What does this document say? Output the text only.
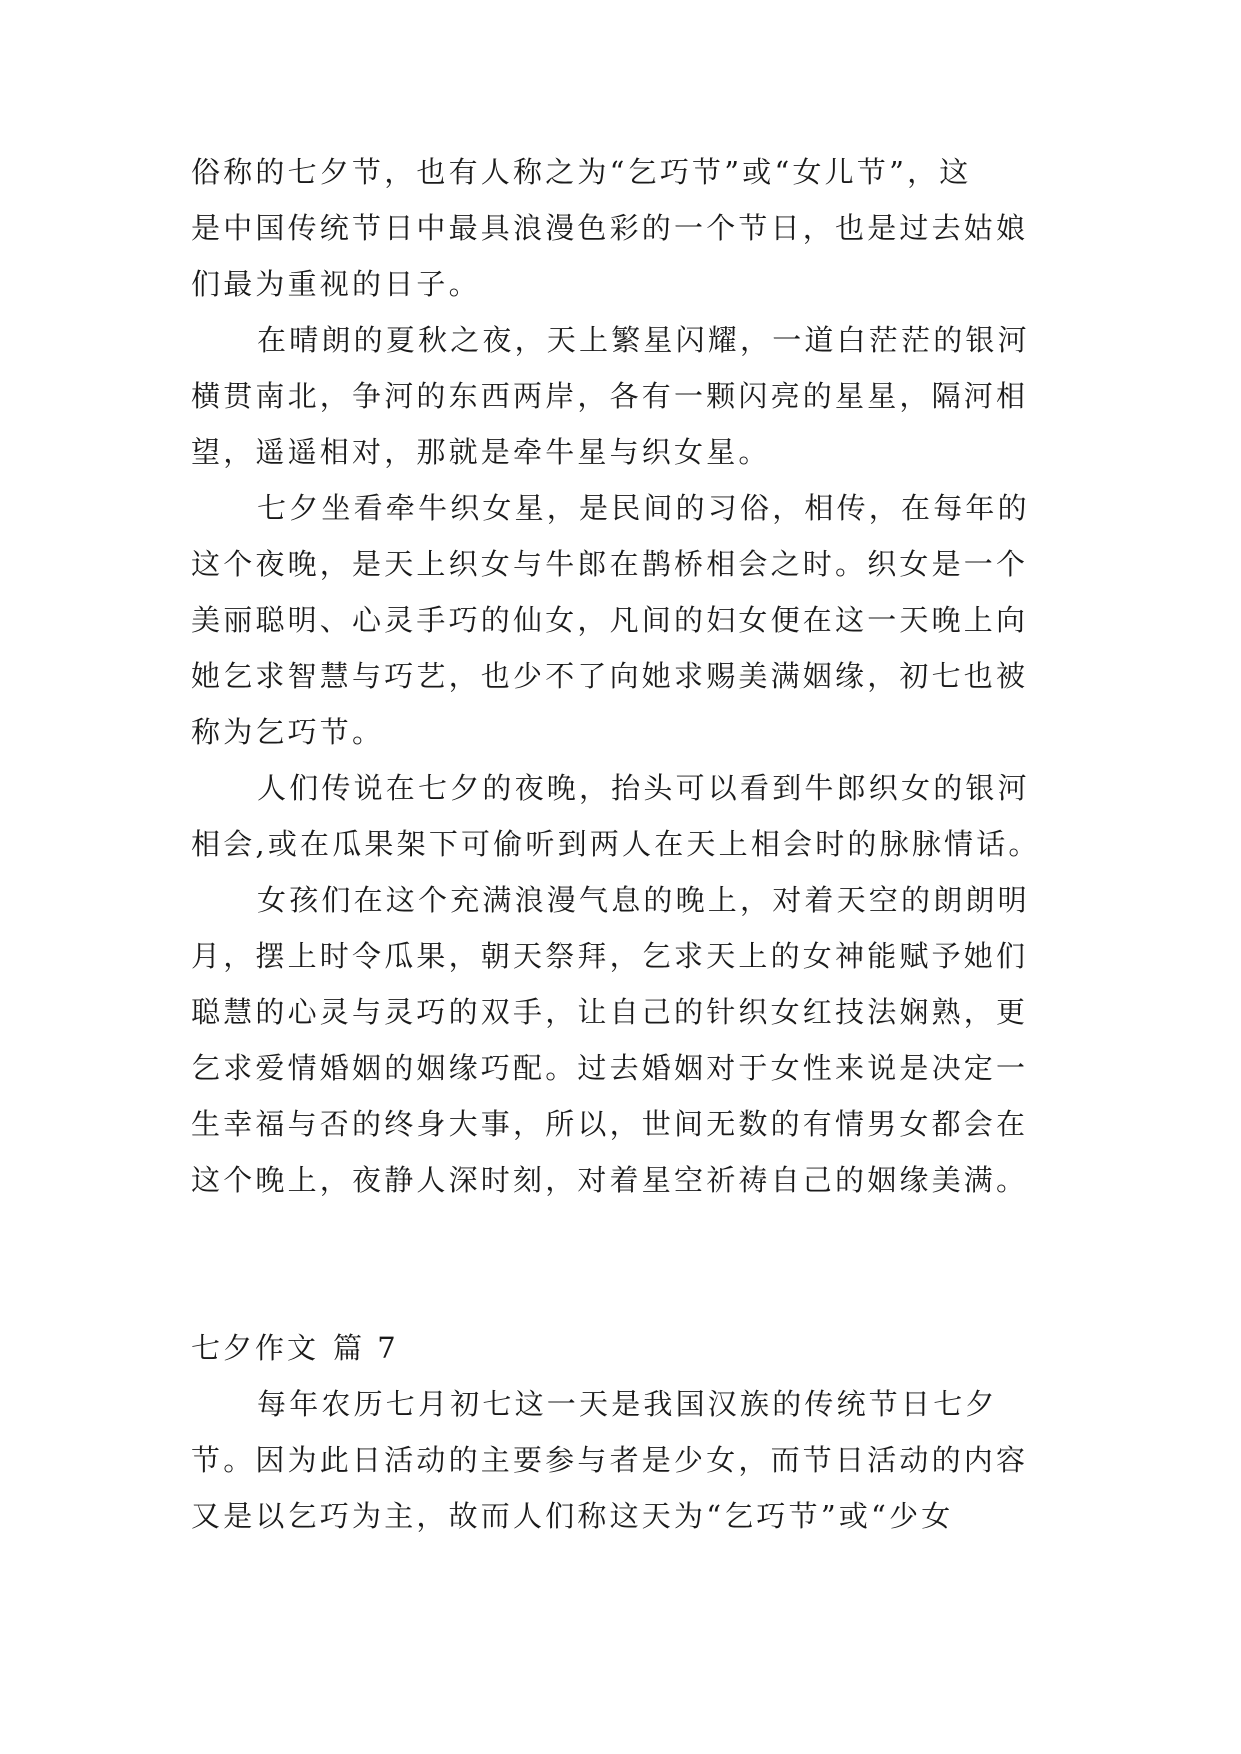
俗称的七夕节，也有人称之为“乞巧节”或“女儿节”，这
是中国传统节日中最具浪漫色彩的一个节日，也是过去姑娘
们最为重视的日子。
在晴朗的夏秋之夜，天上繁星闪耀，一道白茫茫的银河
横贯南北，争河的东西两岸，各有一颗闪亮的星星，隔河相
望，遥遥相对，那就是牵牛星与织女星。
七夕坐看牵牛织女星，是民间的习俗，相传，在每年的
这个夜晚，是天上织女与牛郎在鹊桥相会之时。织女是一个
美丽聪明、心灵手巧的仙女，凡间的妇女便在这一天晚上向
她乞求智慧与巧艺，也少不了向她求赐美满姻缘，初七也被
称为乞巧节。
人们传说在七夕的夜晚，抬头可以看到牛郎织女的银河
相会,或在瓜果架下可偷听到两人在天上相会时的脉脉情话。
女孩们在这个充满浪漫气息的晚上，对着天空的朗朗明
月，摆上时令瓜果，朝天祭拜，乞求天上的女神能赋予她们
聪慧的心灵与灵巧的双手，让自己的针织女红技法娴熟，更
乞求爱情婚姻的姻缘巧配。过去婚姻对于女性来说是决定一
生幸福与否的终身大事，所以，世间无数的有情男女都会在
这个晚上，夜静人深时刻，对着星空祈祷自己的姻缘美满。
七夕作文 篇 7
每年农历七月初七这一天是我国汉族的传统节日七夕
节。因为此日活动的主要参与者是少女，而节日活动的内容
又是以乞巧为主，故而人们称这天为“乞巧节”或“少女
